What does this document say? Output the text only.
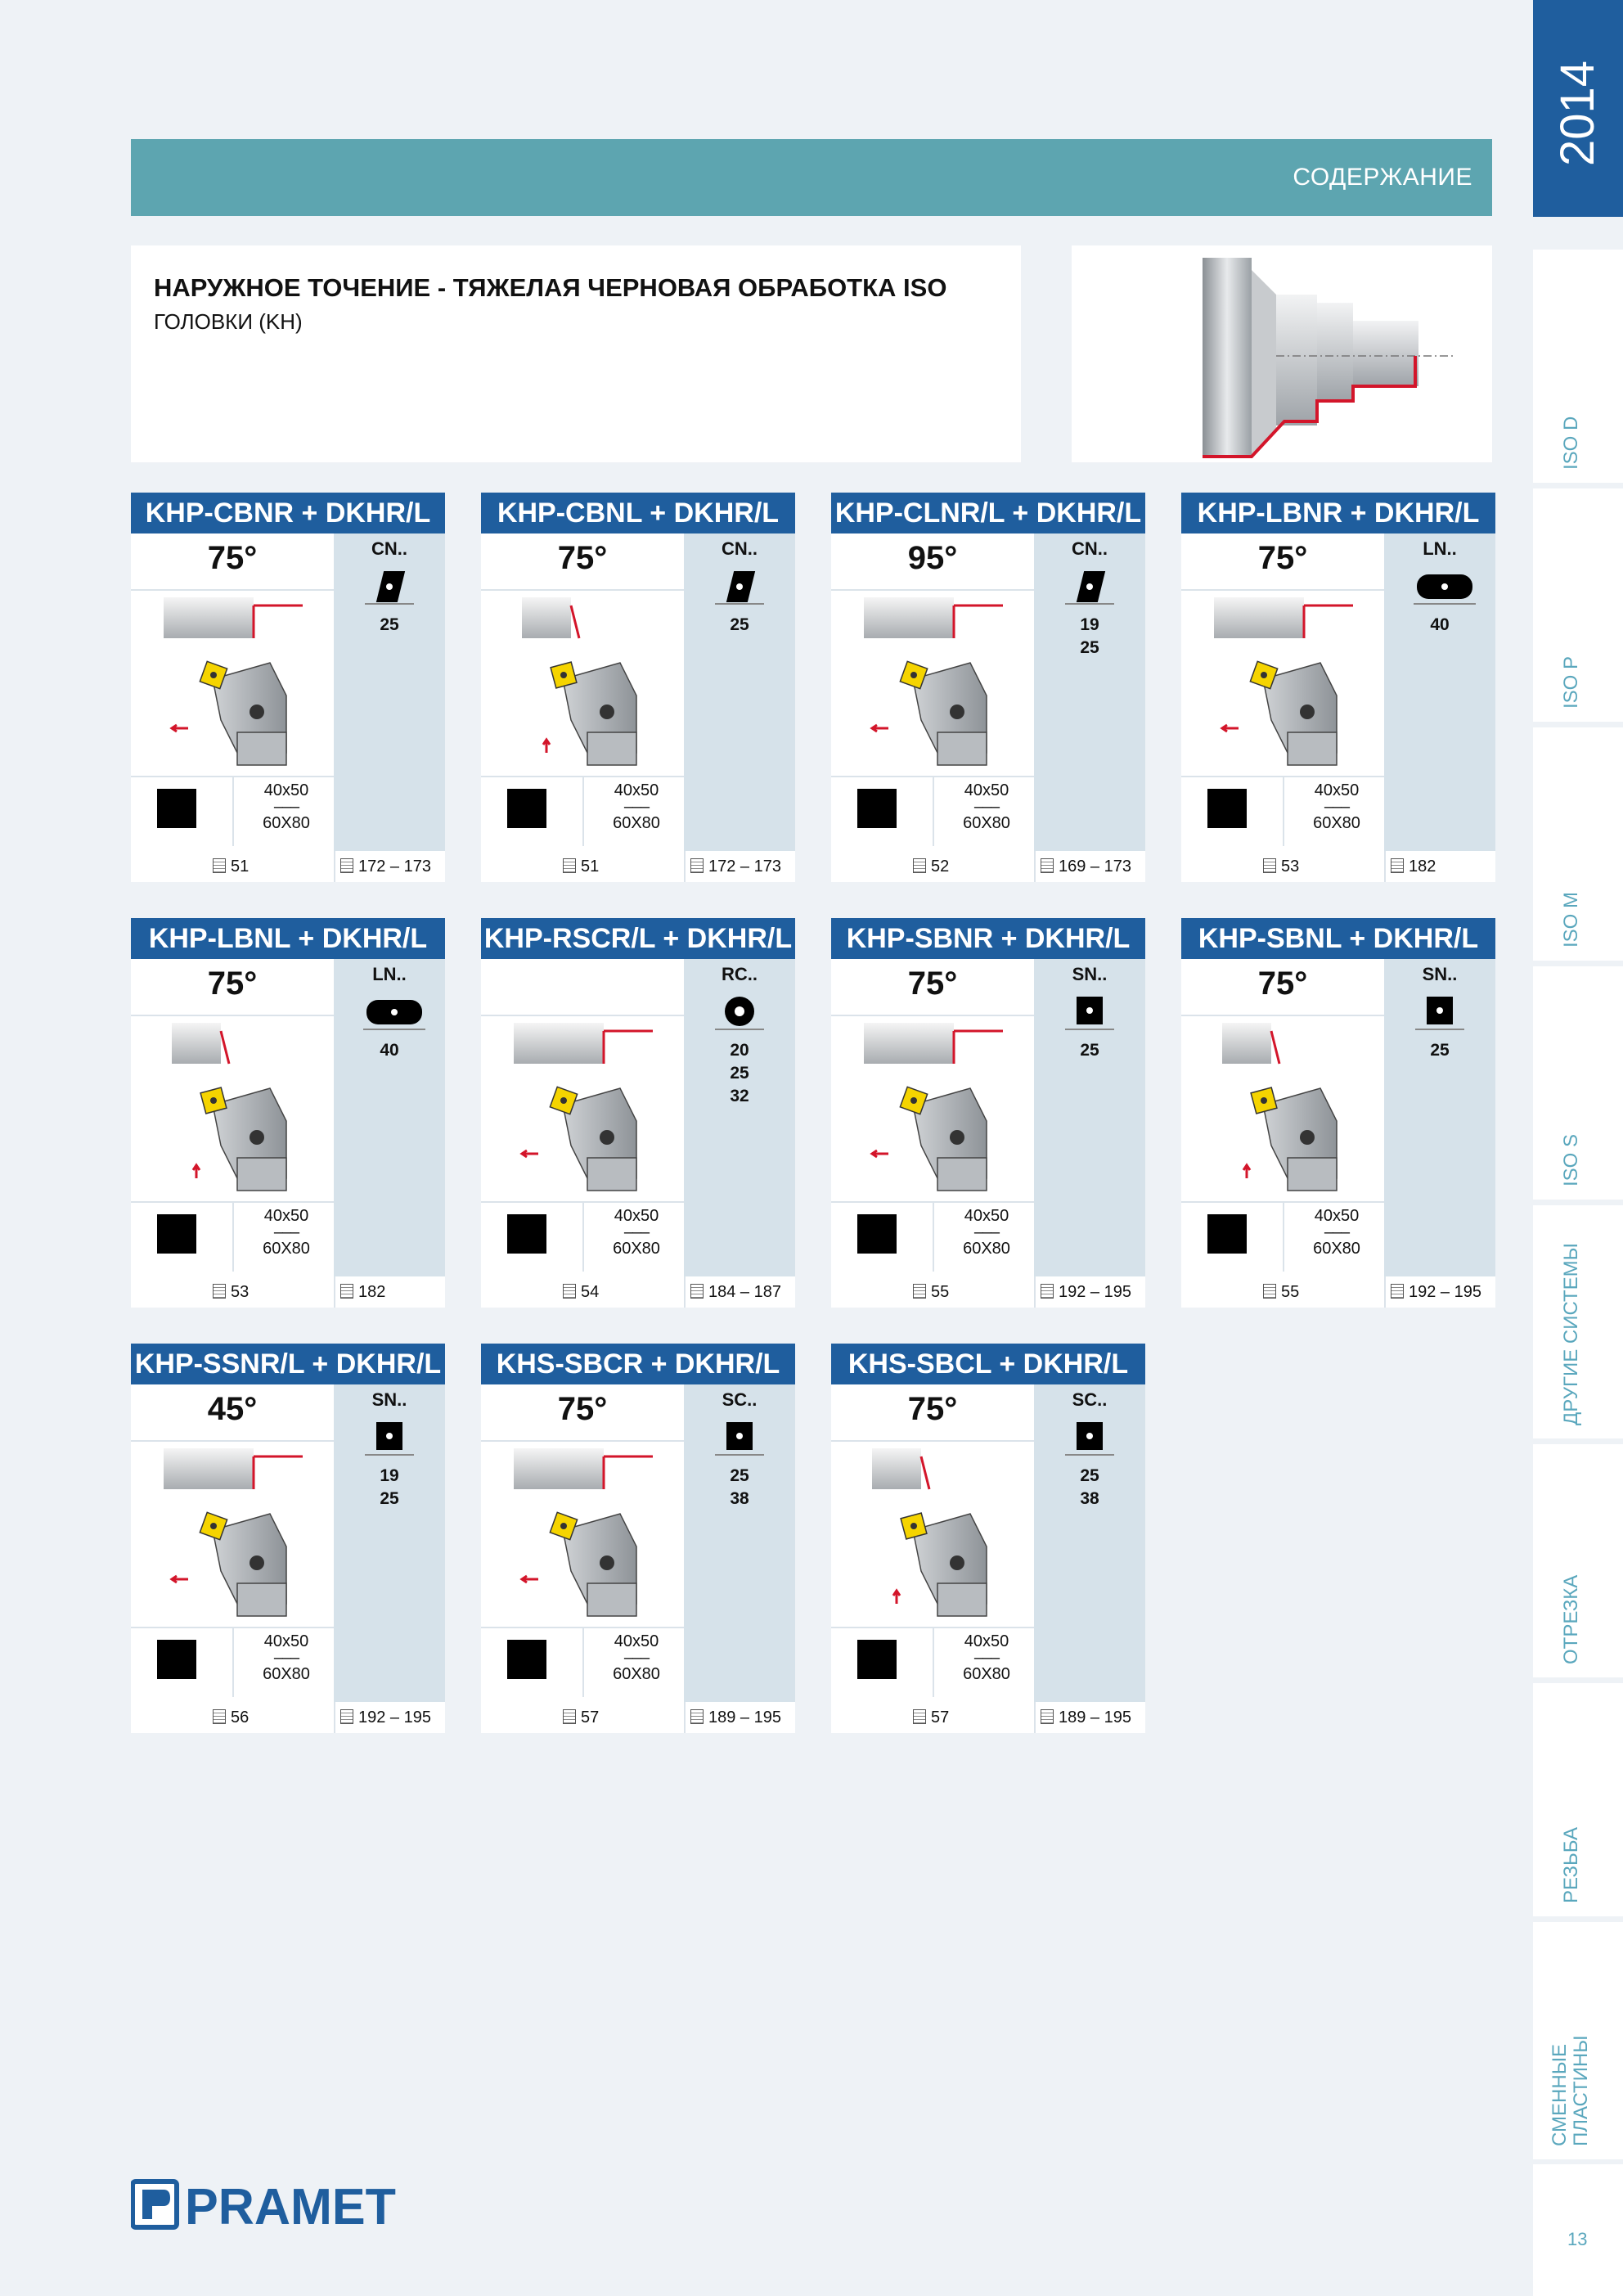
СОДЕРЖАНИЕ
НАРУЖНОЕ ТОЧЕНИЕ - ТЯЖЕЛАЯ ЧЕРНОВАЯ ОБРАБОТКА ISO
ГОЛОВКИ (KH)
KHP-CBNR + DKHR/L
75°	CN..
25
40x50
–––
60X80
51	172 – 173
KHP-CBNL + DKHR/L
75°	CN..
25
40x50
–––
60X80
51	172 – 173
KHP-CLNR/L + DKHR/L
95°	CN..
19
25
40x50
–––
60X80
52	169 – 173
KHP-LBNR + DKHR/L
75°	LN..
40
40x50
–––
60X80
53	182
KHP-LBNL + DKHR/L
75°	LN..
40
40x50
–––
60X80
53	182
KHP-RSCR/L + DKHR/L
RC..
20
25
32
40x50
–––
60X80
54	184 – 187
KHP-SBNR + DKHR/L
75°	SN..
25
40x50
–––
60X80
55	192 – 195
KHP-SBNL + DKHR/L
75°	SN..
25
40x50
–––
60X80
55	192 – 195
KHP-SSNR/L + DKHR/L
45°	SN..
19
25
40x50
–––
60X80
56	192 – 195
KHS-SBCR + DKHR/L
75°	SC..
25
38
40x50
–––
60X80
57	189 – 195
KHS-SBCL + DKHR/L
75°	SC..
25
38
40x50
–––
60X80
57	189 – 195
2014
ISO D
ISO P
ISO M
ISO S
ДРУГИЕ СИСТЕМЫ
ОТРЕЗКА
РЕЗЬБА
СМЕННЫЕ ПЛАСТИНЫ
13
PRAMET
